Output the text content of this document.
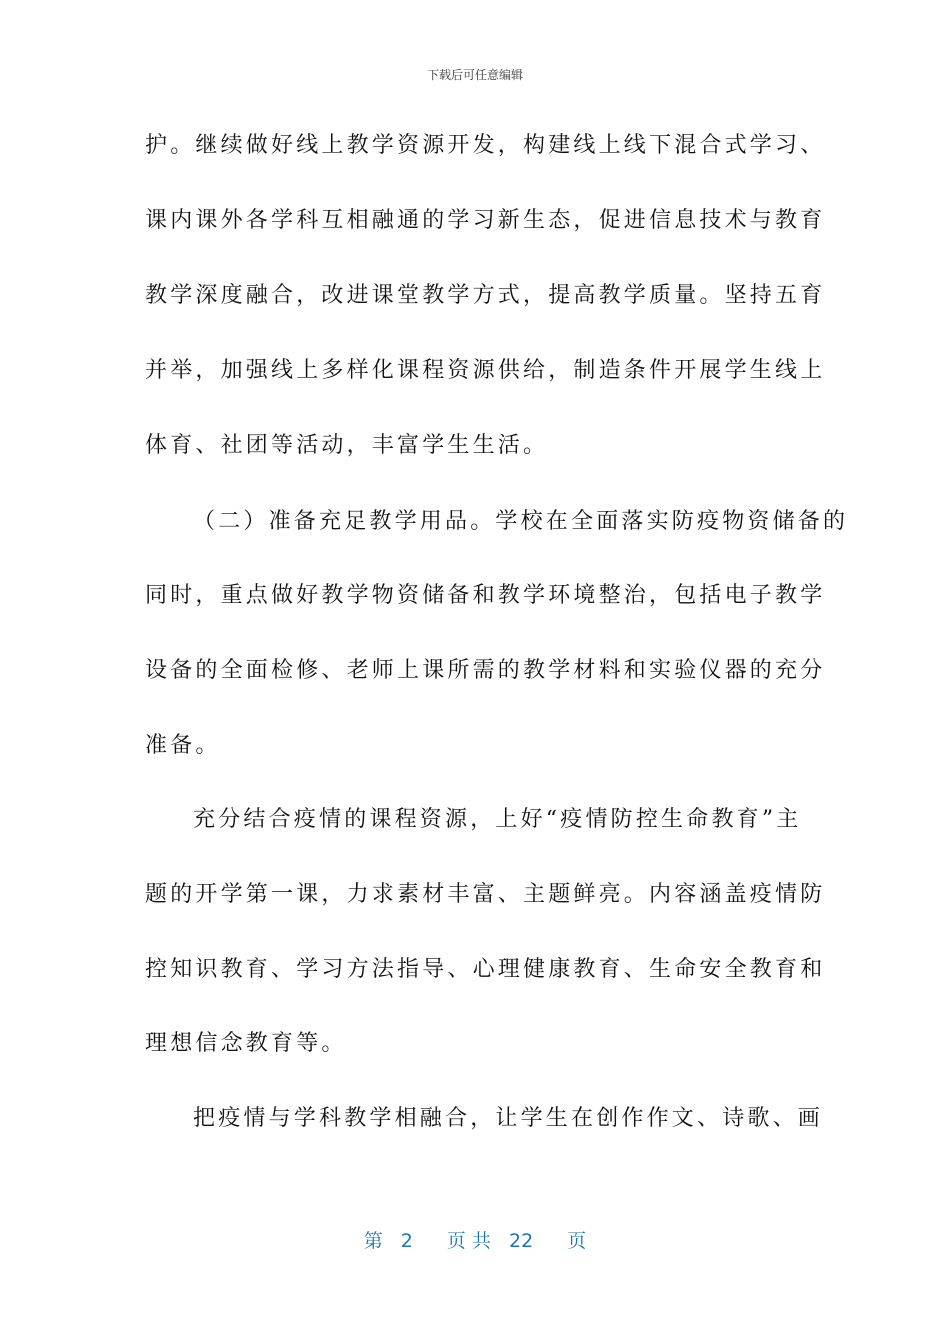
下载后可任意编辑
护。继续做好线上教学资源开发，构建线上线下混合式学习、
课内课外各学科互相融通的学习新生态，促进信息技术与教育
教学深度融合，改进课堂教学方式，提高教学质量。坚持五育
并举，加强线上多样化课程资源供给，制造条件开展学生线上
体育、社团等活动，丰富学生生活。
（二）准备充足教学用品。学校在全面落实防疫物资储备的
同时，重点做好教学物资储备和教学环境整治，包括电子教学
设备的全面检修、老师上课所需的教学材料和实验仪器的充分
准备。
充分结合疫情的课程资源，上好“疫情防控生命教育”主
题的开学第一课，力求素材丰富、主题鲜亮。内容涵盖疫情防
控知识教育、学习方法指导、心理健康教育、生命安全教育和
理想信念教育等。
把疫情与学科教学相融合，让学生在创作作文、诗歌、画
第 2 页 共 22 页
